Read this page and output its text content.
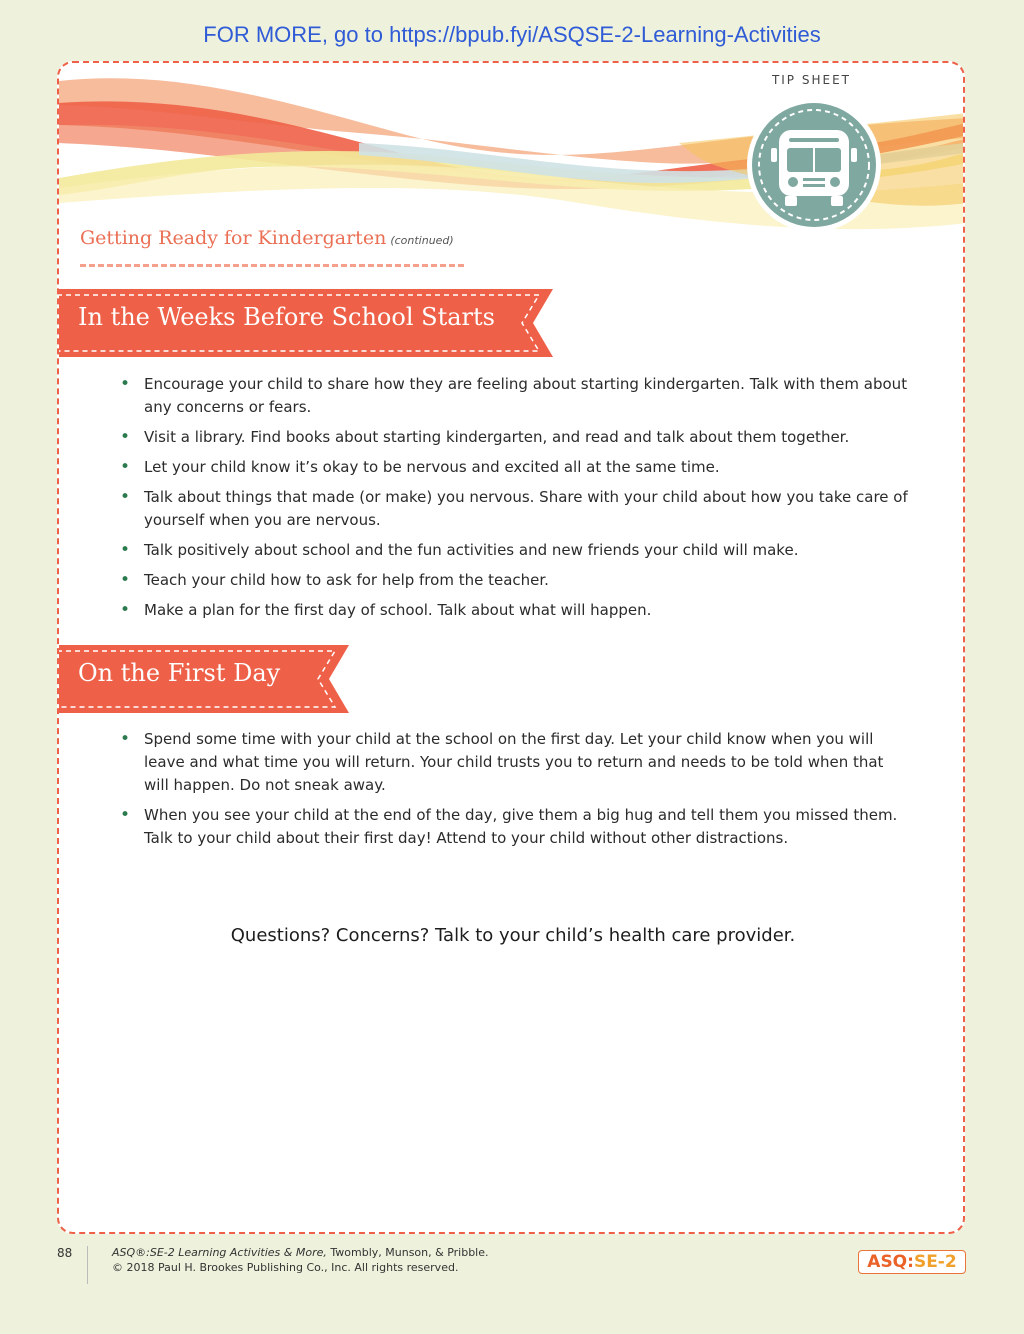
FOR MORE, go to https://bpub.fyi/ASQSE-2-Learning-Activities
TIP SHEET
Getting Ready for Kindergarten (continued)
In the Weeks Before School Starts
• Encourage your child to share how they are feeling about starting kindergarten. Talk with them about any concerns or fears.
• Visit a library. Find books about starting kindergarten, and read and talk about them together.
• Let your child know it’s okay to be nervous and excited all at the same time.
• Talk about things that made (or make) you nervous. Share with your child about how you take care of yourself when you are nervous.
• Talk positively about school and the fun activities and new friends your child will make.
• Teach your child how to ask for help from the teacher.
• Make a plan for the first day of school. Talk about what will happen.
On the First Day
• Spend some time with your child at the school on the first day. Let your child know when you will leave and what time you will return. Your child trusts you to return and needs to be told when that will happen. Do not sneak away.
• When you see your child at the end of the day, give them a big hug and tell them you missed them. Talk to your child about their first day! Attend to your child without other distractions.
Questions? Concerns? Talk to your child’s health care provider.
88	ASQ®:SE-2 Learning Activities & More, Twombly, Munson, & Pribble.
© 2018 Paul H. Brookes Publishing Co., Inc. All rights reserved.	ASQ : SE-2
